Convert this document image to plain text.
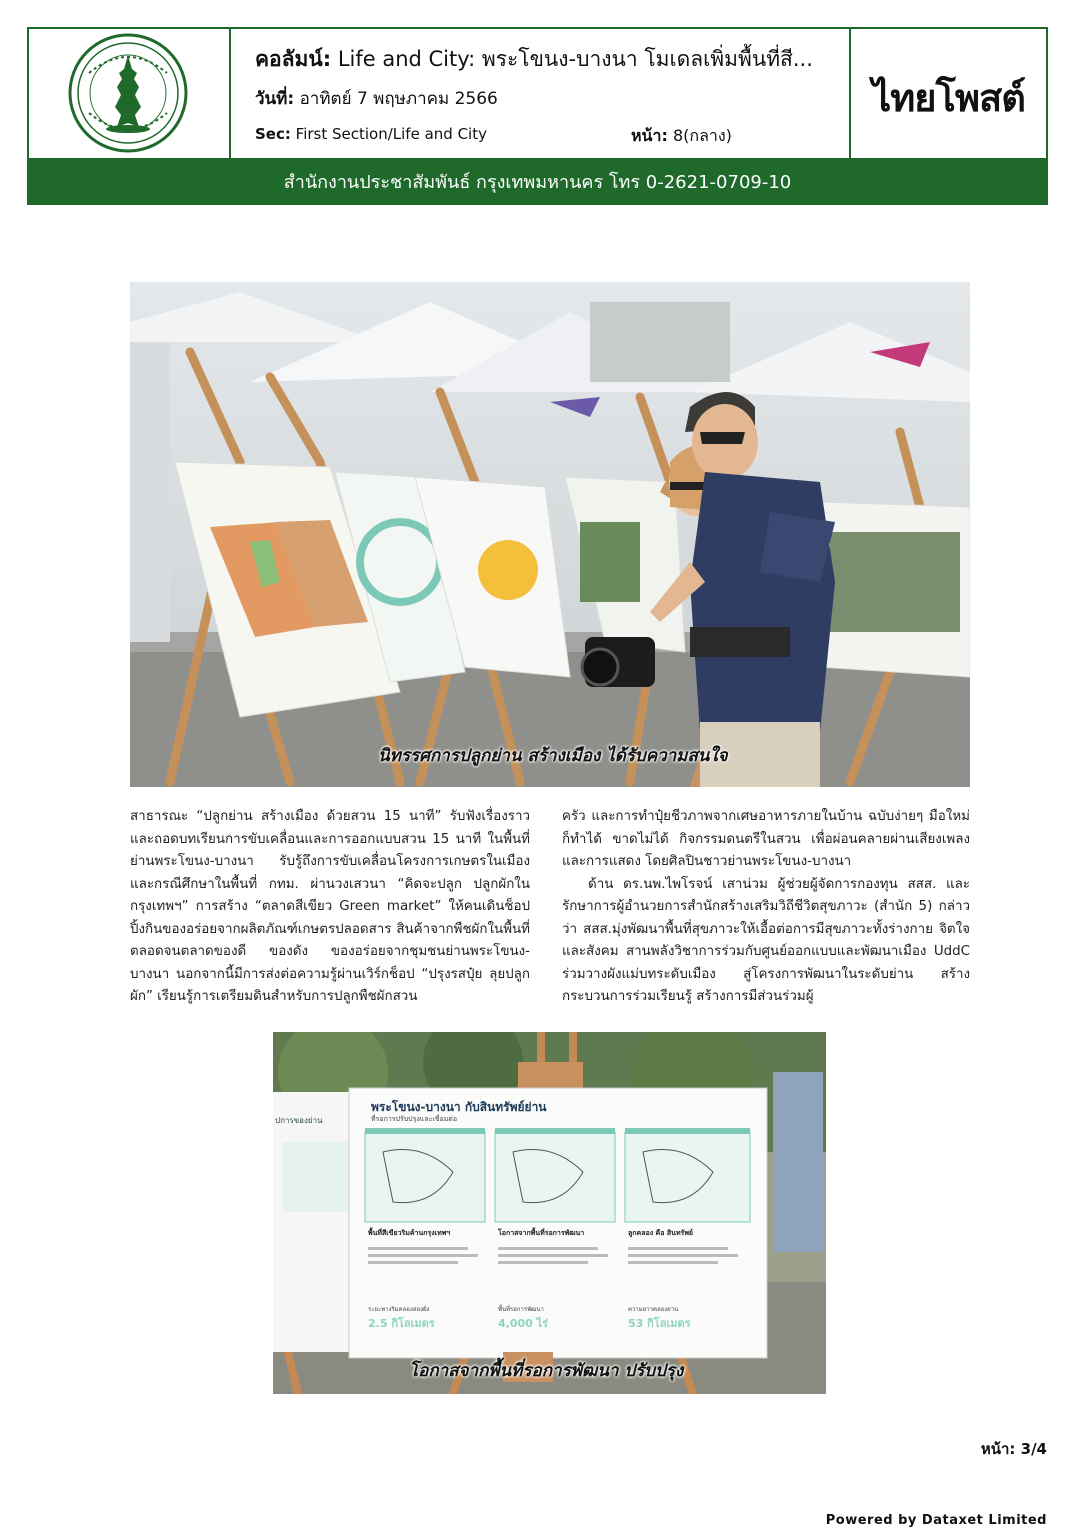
คอลัมน์: Life and City: พระโขนง-บางนา โมเดลเพิ่มพื้นที่สี...
วันที่: อาทิตย์ 7 พฤษภาคม 2566
Sec: First Section/Life and City	หน้า: 8(กลาง)
ไทยโพสต์
สำนักงานประชาสัมพันธ์ กรุงเทพมหานคร โทร 0-2621-0709-10
นิทรรศการปลูกย่าน สร้างเมือง ได้รับความสนใจ

สาธารณะ “ปลูกย่าน สร้างเมือง ด้วยสวน 15 นาที” รับฟังเรื่องราวและถอดบทเรียนการขับเคลื่อนและการออกแบบสวน 15 นาที ในพื้นที่ย่านพระโขนง-บางนา รับรู้ถึงการขับเคลื่อนโครงการเกษตรในเมือง และกรณีศึกษาในพื้นที่ กทม. ผ่านวงเสวนา “คิดจะปลูก ปลูกผักในกรุงเทพฯ” การสร้าง “ตลาดสีเขียว Green market” ให้คนเดินช็อปปิ้งกินของอร่อยจากผลิตภัณฑ์เกษตรปลอดสาร สินค้าจากพืชผักในพื้นที่ ตลอดจนตลาดของดี ของดัง ของอร่อยจากชุมชนย่านพระโขนง-บางนา นอกจากนี้มีการส่งต่อความรู้ผ่านเวิร์กช็อป “ปรุงรสปุ๋ย ลุยปลูกผัก” เรียนรู้การเตรียมดินสำหรับการปลูกพืชผักสวน

ครัว และการทำปุ๋ยชีวภาพจากเศษอาหารภายในบ้าน ฉบับง่ายๆ มือใหม่ก็ทำได้ ขาดไม่ได้ กิจกรรมดนตรีในสวน เพื่อผ่อนคลายผ่านเสียงเพลงและการแสดง โดยศิลปินชาวย่านพระโขนง-บางนา

ด้าน ดร.นพ.ไพโรจน์ เสาน่วม ผู้ช่วยผู้จัดการกองทุน สสส. และรักษาการผู้อำนวยการสำนักสร้างเสริมวิถีชีวิตสุขภาวะ (สำนัก 5) กล่าวว่า สสส.มุ่งพัฒนาพื้นที่สุขภาวะให้เอื้อต่อการมีสุขภาวะทั้งร่างกาย จิตใจ และสังคม สานพลังวิชาการร่วมกับศูนย์ออกแบบและพัฒนาเมือง UddC ร่วมวางผังแม่บทระดับเมือง สู่โครงการพัฒนาในระดับย่าน สร้างกระบวนการร่วมเรียนรู้ สร้างการมีส่วนร่วมผู้

พระโขนง-บางนา กับสินทรัพย์ย่าน
ที่รอการปรับปรุงและเชื่อมต่อ
ปการของย่าน
พื้นที่สีเขียวริมค้านกรุงเทพฯ	โอกาสจากพื้นที่รอการพัฒนา	ลูกคลอง คือ สินทรัพย์
ระยะทางริมคลองสองฝั่ง	พื้นที่รอการพัฒนา	ความยาวคลองย่าน
2.5 กิโลเมตร	4,000 ไร่	53 กิโลเมตร
โอกาสจากพื้นที่รอการพัฒนา ปรับปรุง
หน้า: 3/4
Powered by Dataxet Limited
